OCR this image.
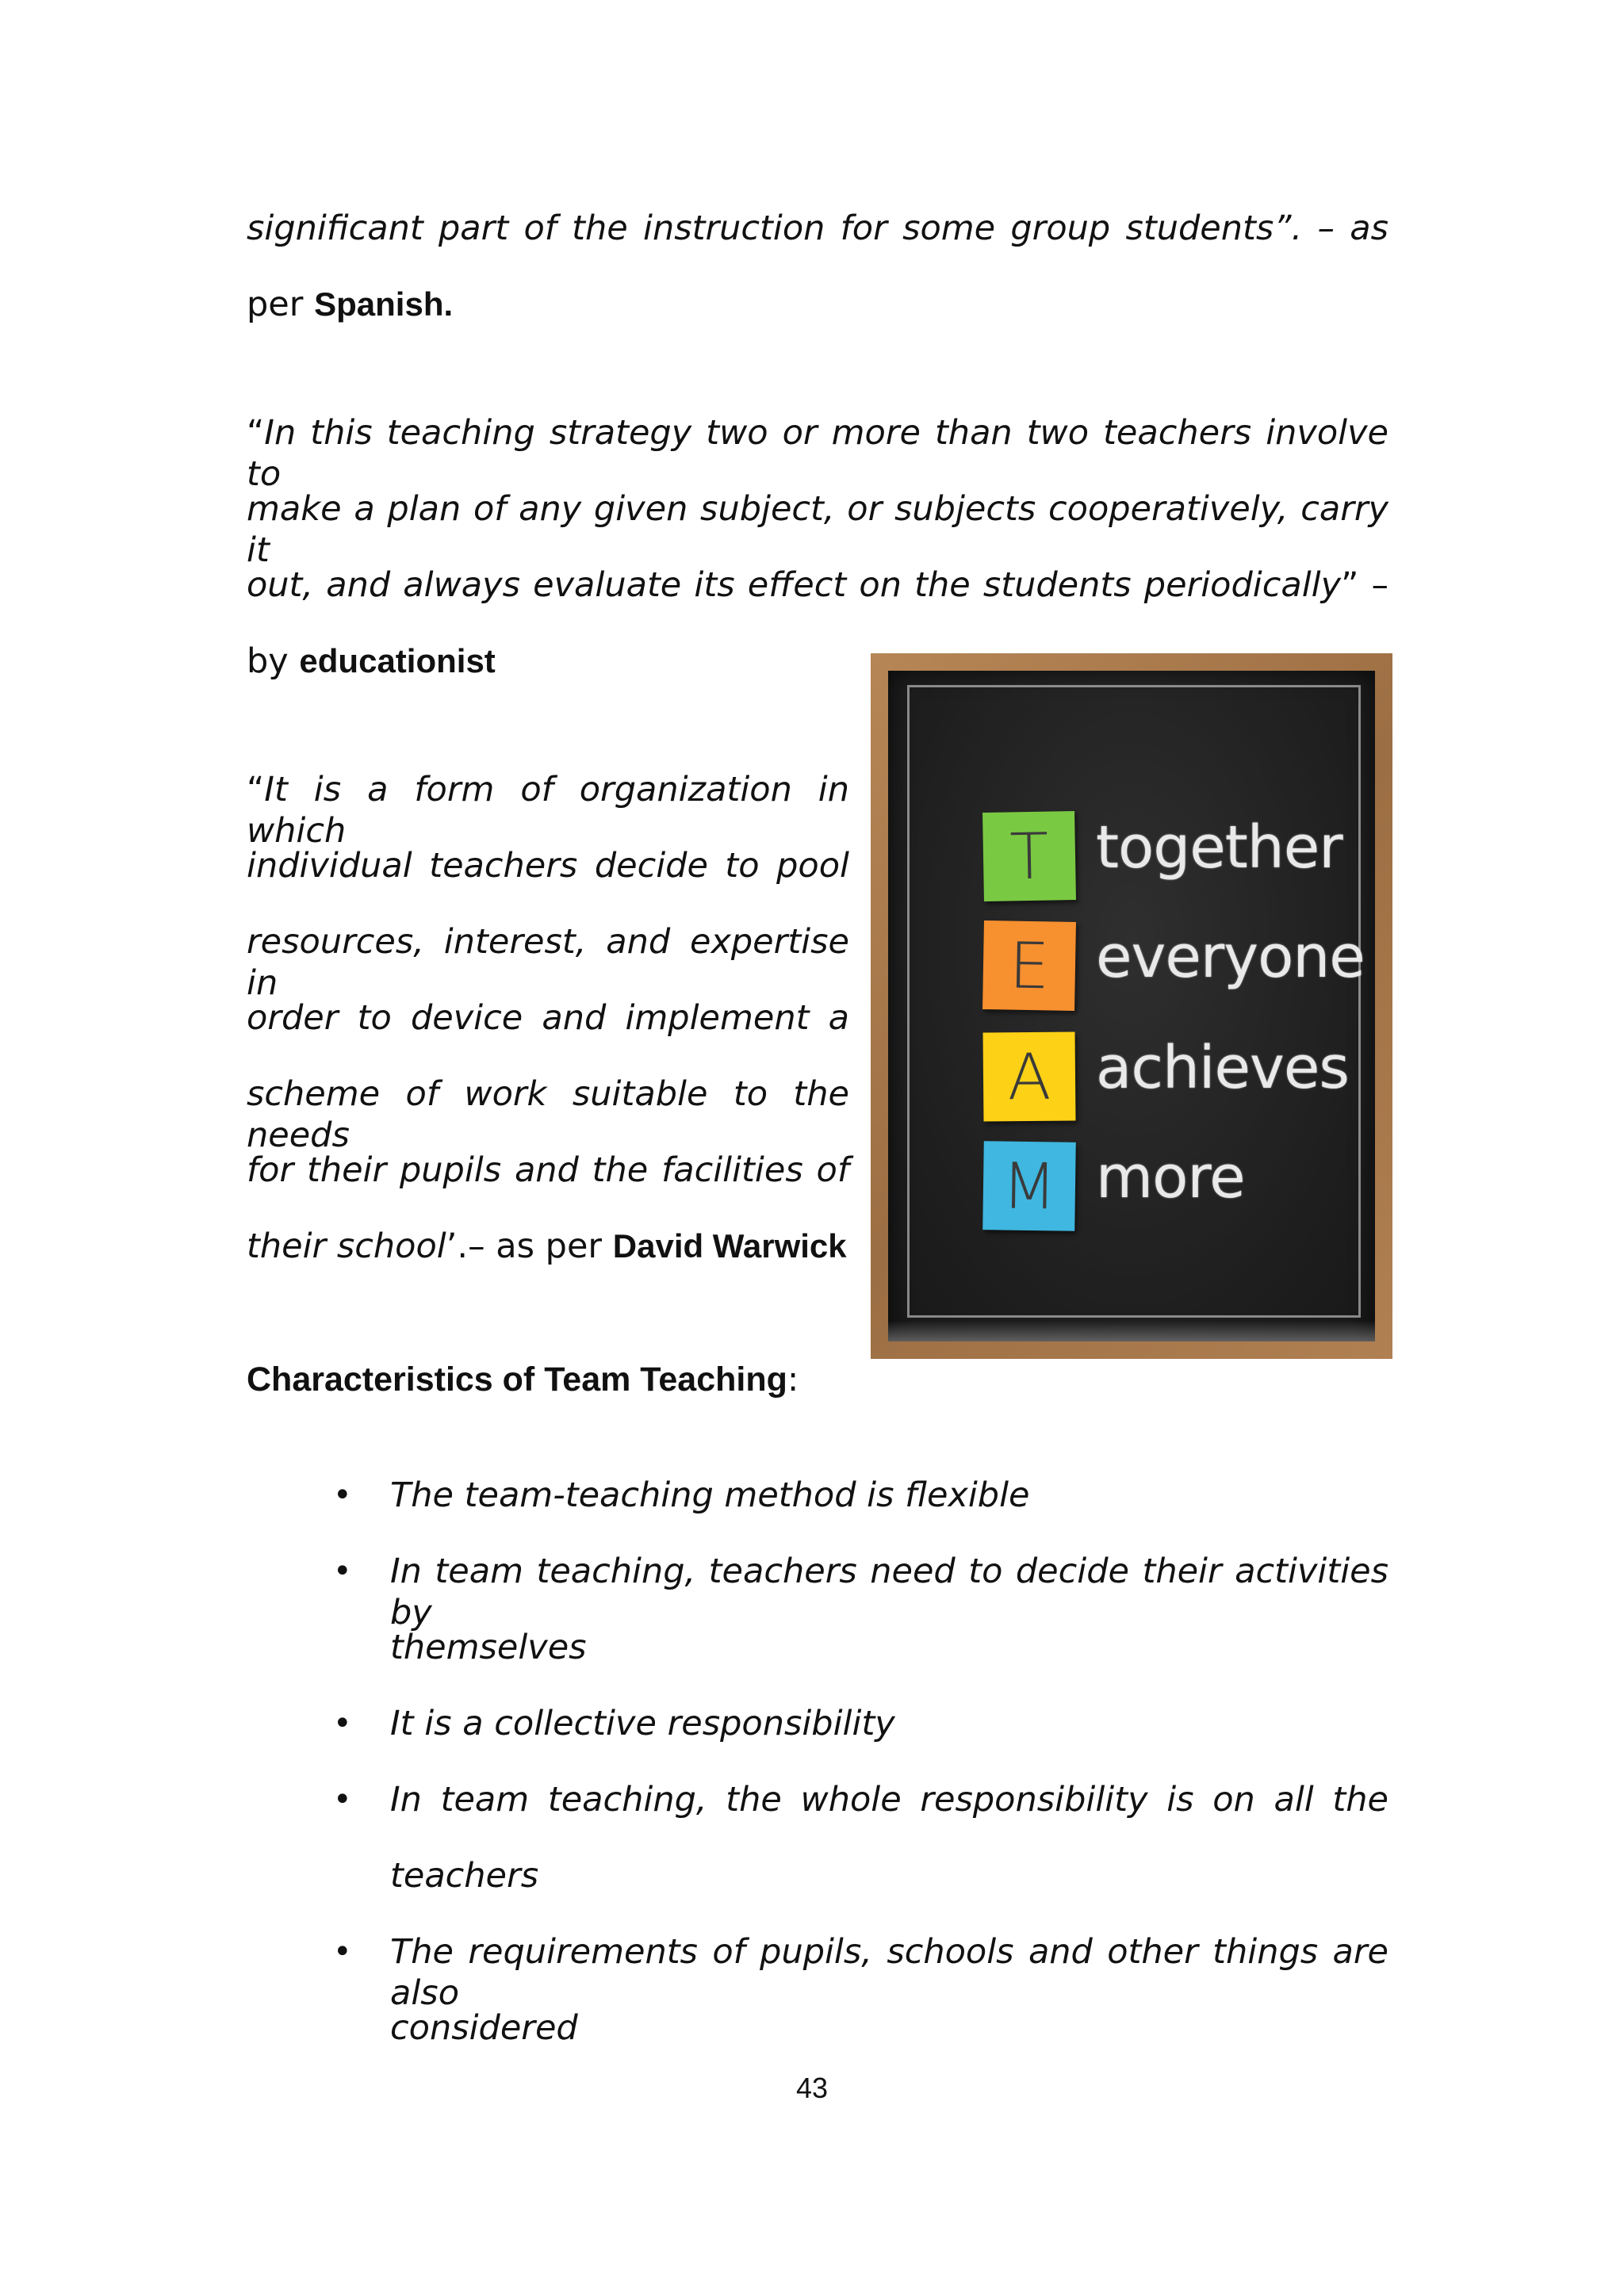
significant part of the instruction for some group students”. – as
per Spanish.
“In this teaching strategy two or more than two teachers involve to
make a plan of any given subject, or subjects cooperatively, carry it
out, and always evaluate its effect on the students periodically” –
by educationist
“It is a form of organization in which
individual teachers decide to pool
resources, interest, and expertise in
order to device and implement a
scheme of work suitable to the needs
for their pupils and the facilities of
their school’.– as per David Warwick
T together
E everyone
A achieves
M more
Characteristics of Team Teaching:
• The team-teaching method is flexible
• In team teaching, teachers need to decide their activities by
themselves
• It is a collective responsibility
• In team teaching, the whole responsibility is on all the
teachers
• The requirements of pupils, schools and other things are also
considered
43
